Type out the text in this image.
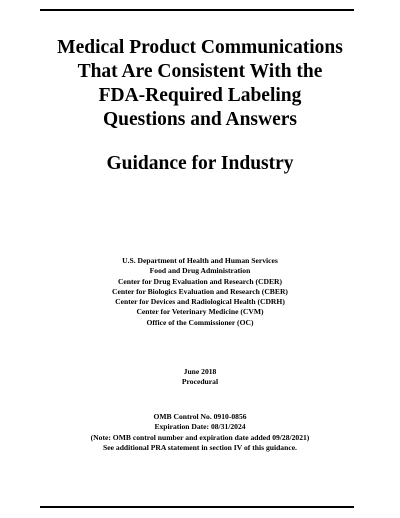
Medical Product Communications
That Are Consistent With the
FDA-Required Labeling
Questions and Answers
Guidance for Industry
U.S. Department of Health and Human Services
Food and Drug Administration
Center for Drug Evaluation and Research (CDER)
Center for Biologics Evaluation and Research (CBER)
Center for Devices and Radiological Health (CDRH)
Center for Veterinary Medicine (CVM)
Office of the Commissioner (OC)
June 2018
Procedural
OMB Control No. 0910-0856
Expiration Date: 08/31/2024
(Note: OMB control number and expiration date added 09/28/2021)
See additional PRA statement in section IV of this guidance.
